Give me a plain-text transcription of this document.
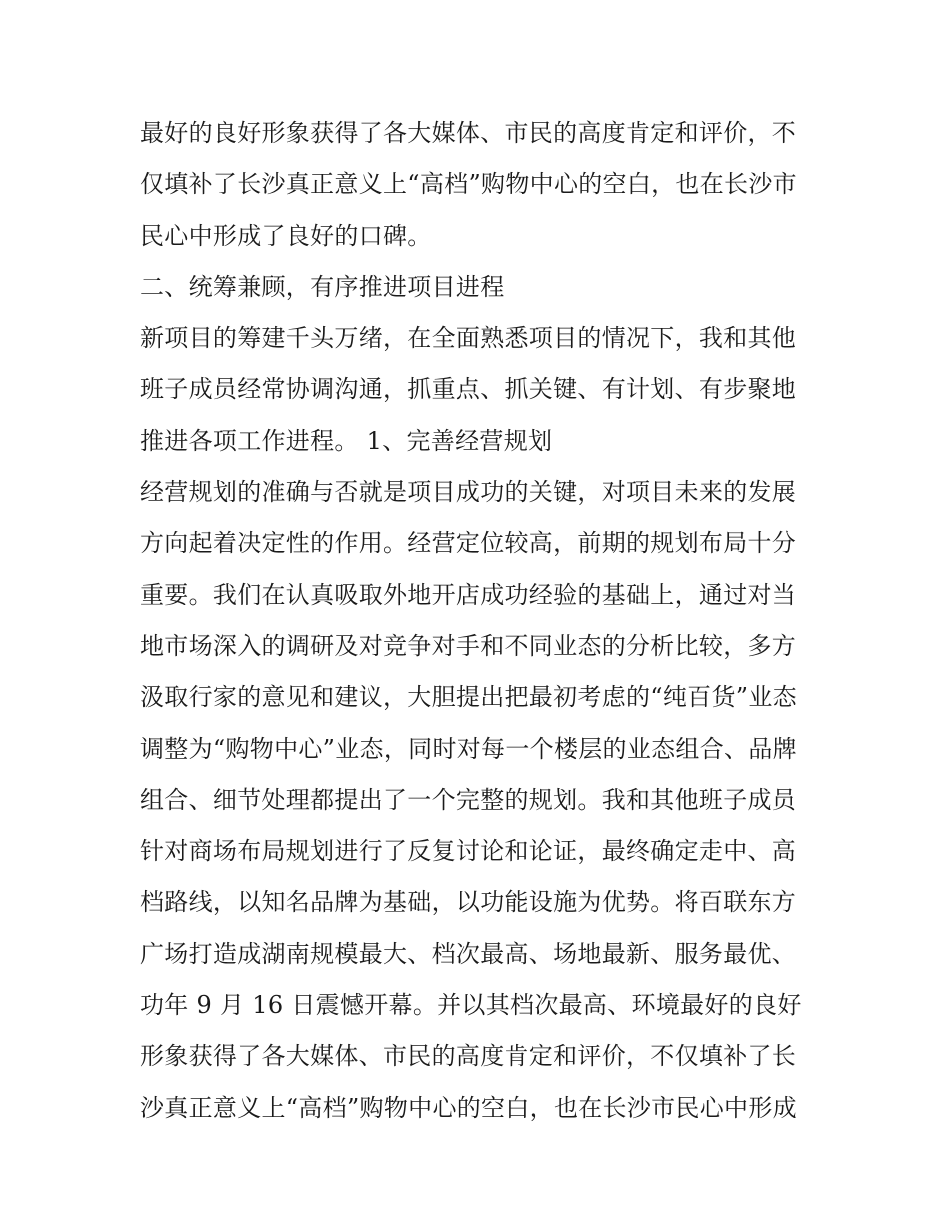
最好的良好形象获得了各大媒体、市民的高度肯定和评价，不
仅填补了长沙真正意义上“高档”购物中心的空白，也在长沙市
民心中形成了良好的口碑。
二、统筹兼顾，有序推进项目进程
新项目的筹建千头万绪，在全面熟悉项目的情况下，我和其他
班子成员经常协调沟通，抓重点、抓关键、有计划、有步聚地
推进各项工作进程。 1、完善经营规划
经营规划的准确与否就是项目成功的关键，对项目未来的发展
方向起着决定性的作用。经营定位较高，前期的规划布局十分
重要。我们在认真吸取外地开店成功经验的基础上，通过对当
地市场深入的调研及对竞争对手和不同业态的分析比较，多方
汲取行家的意见和建议，大胆提出把最初考虑的“纯百货”业态
调整为“购物中心”业态，同时对每一个楼层的业态组合、品牌
组合、细节处理都提出了一个完整的规划。我和其他班子成员
针对商场布局规划进行了反复讨论和论证，最终确定走中、高
档路线，以知名品牌为基础，以功能设施为优势。将百联东方
广场打造成湖南规模最大、档次最高、场地最新、服务最优、
功年 9 月 16 日震憾开幕。并以其档次最高、环境最好的良好
形象获得了各大媒体、市民的高度肯定和评价，不仅填补了长
沙真正意义上“高档”购物中心的空白，也在长沙市民心中形成
